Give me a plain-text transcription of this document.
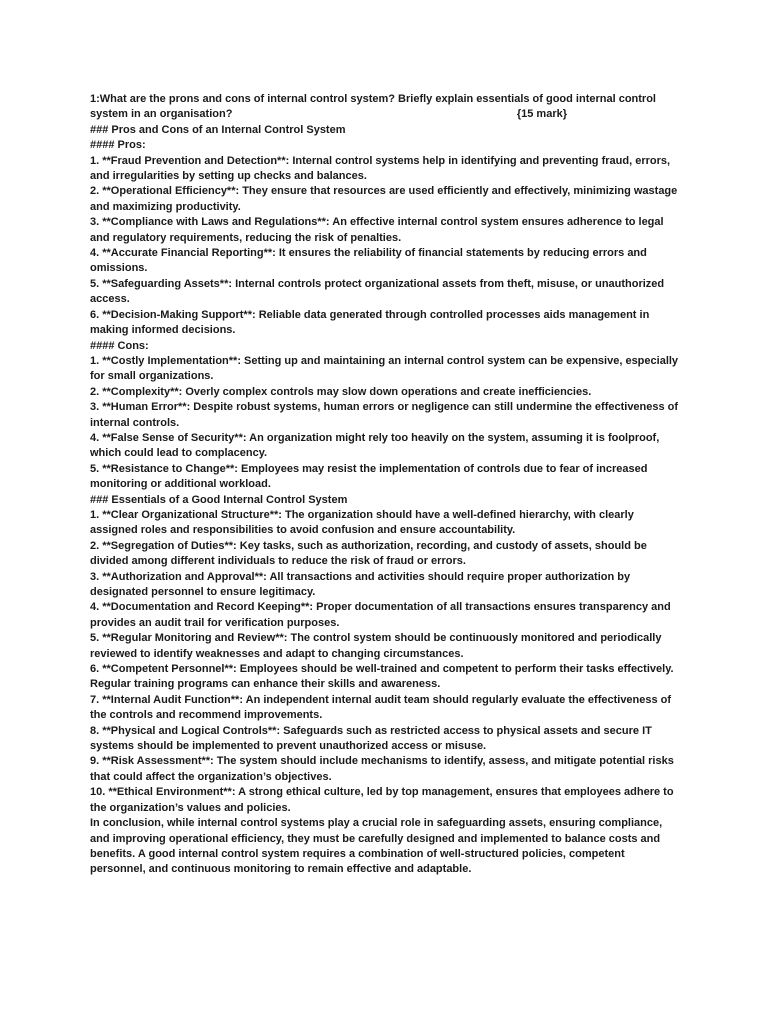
1:What are the prons and cons of internal control system? Briefly explain essentials of good internal control
system in an organisation?	{15 mark}
### Pros and Cons of an Internal Control System
#### Pros:
1. **Fraud Prevention and Detection**: Internal control systems help in identifying and preventing fraud, errors, and irregularities by setting up checks and balances.
2. **Operational Efficiency**: They ensure that resources are used efficiently and effectively, minimizing wastage and maximizing productivity.
3. **Compliance with Laws and Regulations**: An effective internal control system ensures adherence to legal and regulatory requirements, reducing the risk of penalties.
4. **Accurate Financial Reporting**: It ensures the reliability of financial statements by reducing errors and omissions.
5. **Safeguarding Assets**: Internal controls protect organizational assets from theft, misuse, or unauthorized access.
6. **Decision-Making Support**: Reliable data generated through controlled processes aids management in making informed decisions.
#### Cons:
1. **Costly Implementation**: Setting up and maintaining an internal control system can be expensive, especially for small organizations.
2. **Complexity**: Overly complex controls may slow down operations and create inefficiencies.
3. **Human Error**: Despite robust systems, human errors or negligence can still undermine the effectiveness of internal controls.
4. **False Sense of Security**: An organization might rely too heavily on the system, assuming it is foolproof, which could lead to complacency.
5. **Resistance to Change**: Employees may resist the implementation of controls due to fear of increased monitoring or additional workload.
### Essentials of a Good Internal Control System
1. **Clear Organizational Structure**: The organization should have a well-defined hierarchy, with clearly assigned roles and responsibilities to avoid confusion and ensure accountability.
2. **Segregation of Duties**: Key tasks, such as authorization, recording, and custody of assets, should be divided among different individuals to reduce the risk of fraud or errors.
3. **Authorization and Approval**: All transactions and activities should require proper authorization by designated personnel to ensure legitimacy.
4. **Documentation and Record Keeping**: Proper documentation of all transactions ensures transparency and provides an audit trail for verification purposes.
5. **Regular Monitoring and Review**: The control system should be continuously monitored and periodically reviewed to identify weaknesses and adapt to changing circumstances.
6. **Competent Personnel**: Employees should be well-trained and competent to perform their tasks effectively. Regular training programs can enhance their skills and awareness.
7. **Internal Audit Function**: An independent internal audit team should regularly evaluate the effectiveness of the controls and recommend improvements.
8. **Physical and Logical Controls**: Safeguards such as restricted access to physical assets and secure IT systems should be implemented to prevent unauthorized access or misuse.
9. **Risk Assessment**: The system should include mechanisms to identify, assess, and mitigate potential risks that could affect the organization’s objectives.
10. **Ethical Environment**: A strong ethical culture, led by top management, ensures that employees adhere to the organization’s values and policies.
In conclusion, while internal control systems play a crucial role in safeguarding assets, ensuring compliance, and improving operational efficiency, they must be carefully designed and implemented to balance costs and benefits. A good internal control system requires a combination of well-structured policies, competent personnel, and continuous monitoring to remain effective and adaptable.
